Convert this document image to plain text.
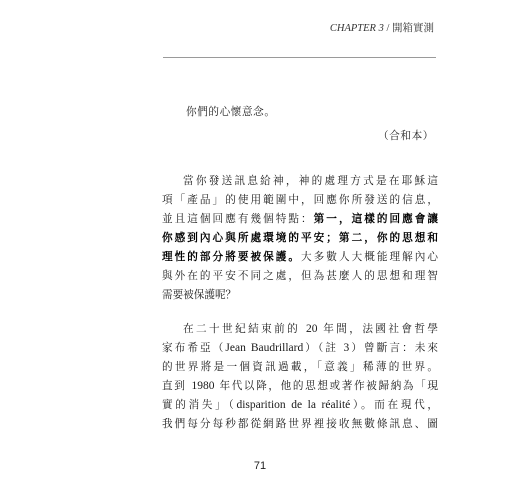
CHAPTER 3 / 開箱實測
你們的心懷意念。
（合和本）
當你發送訊息給神，神的處理方式是在耶穌這
項「產品」的使用範圍中，回應你所發送的信息，
並且這個回應有幾個特點：第一，這樣的回應會讓
你感到內心與所處環境的平安；第二，你的思想和
理性的部分將要被保護。大多數人大概能理解內心
與外在的平安不同之處，但為甚麼人的思想和理智
需要被保護呢？
在二十世紀結束前的 20 年間，法國社會哲學
家布希亞（Jean Baudrillard）（註 3）曾斷言：未來
的世界將是一個資訊過載，「意義」稀薄的世界。
直到 1980 年代以降，他的思想或著作被歸納為「現
實的消失」（disparition de la réalité）。而在現代，
我們每分每秒都從網路世界裡接收無數條訊息、圖
71
